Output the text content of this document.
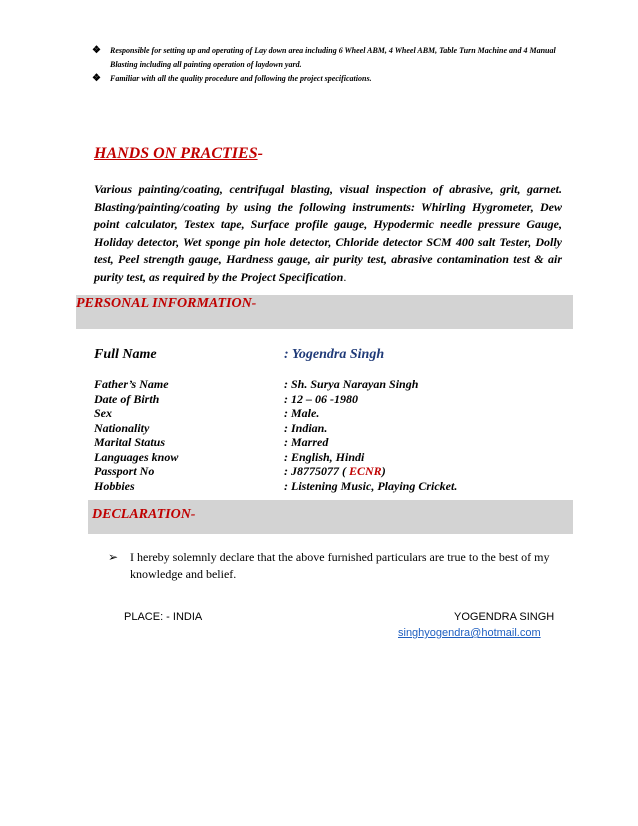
❖ Responsible for setting up and operating of Lay down area including 6 Wheel ABM, 4 Wheel ABM, Table Turn Machine and 4 Manual Blasting including all painting operation of laydown yard.

❖ Familiar with all the quality procedure and following the project specifications.

HANDS ON PRACTIES-
Various painting/coating, centrifugal blasting, visual inspection of abrasive, grit, garnet. Blasting/painting/coating by using the following instruments: Whirling Hygrometer, Dew point calculator, Testex tape, Surface profile gauge, Hypodermic needle pressure Gauge, Holiday detector, Wet sponge pin hole detector, Chloride detector SCM 400 salt Tester, Dolly test, Peel strength gauge, Hardness gauge, air purity test, abrasive contamination test & air purity test, as required by the Project Specification.
PERSONAL INFORMATION-
Full Name	: Yogendra Singh
Father’s Name	: Sh. Surya Narayan Singh
Date of Birth	: 12 – 06 -1980
Sex	: Male.
Nationality	: Indian.
Marital Status	: Marred
Languages know	: English, Hindi
Passport No	: J8775077 ( ECNR)
Hobbies	: Listening Music, Playing Cricket.
DECLARATION-
➢ I hereby solemnly declare that the above furnished particulars are true to the best of my knowledge and belief.
PLACE: - INDIA	YOGENDRA SINGH
singhyogendra@hotmail.com
